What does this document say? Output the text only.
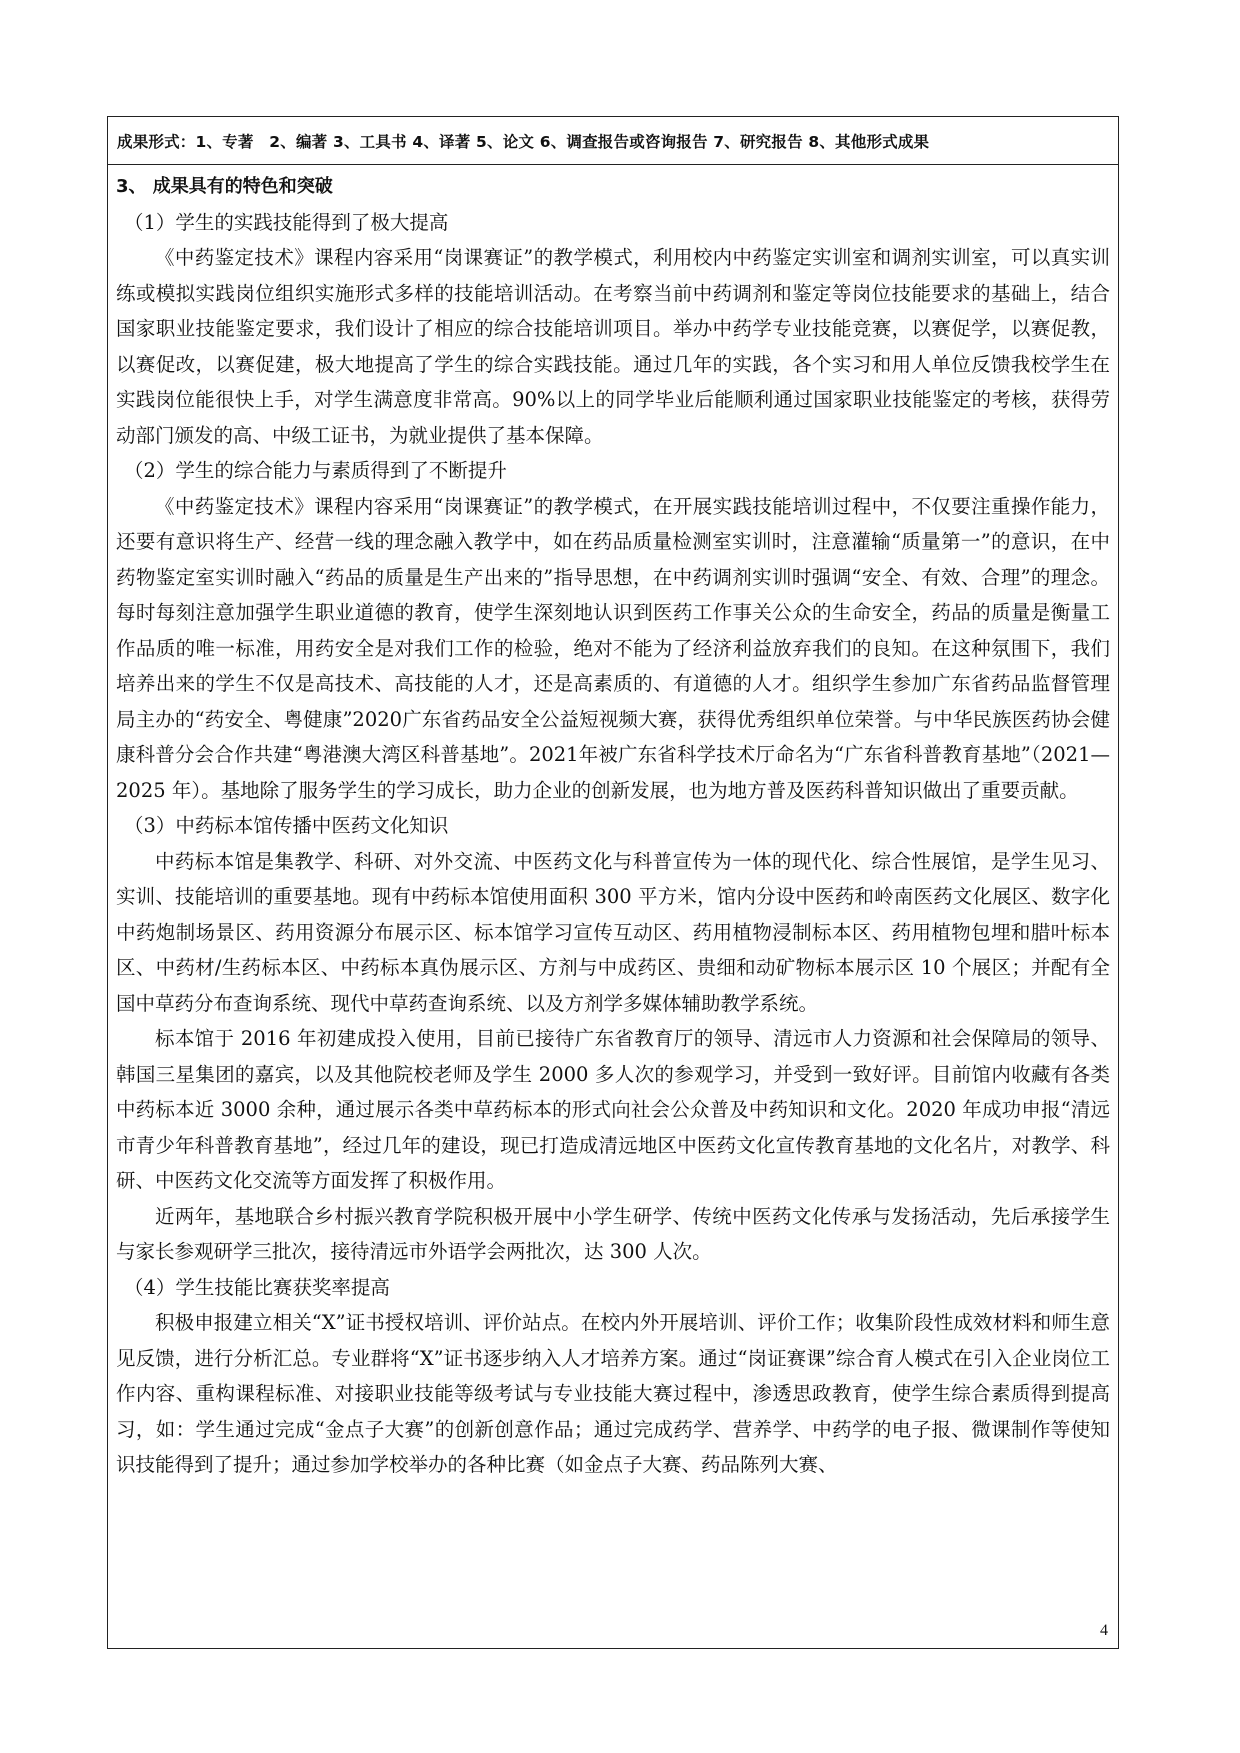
成果形式：1、专著　2、编著 3、工具书 4、译著 5、论文 6、调查报告或咨询报告 7、研究报告 8、其他形式成果

3、 成果具有的特色和突破

（1）学生的实践技能得到了极大提高

《中药鉴定技术》课程内容采用“岗课赛证”的教学模式，利用校内中药鉴定实训室和调剂实训室，可以真实训练或模拟实践岗位组织实施形式多样的技能培训活动。在考察当前中药调剂和鉴定等岗位技能要求的基础上，结合国家职业技能鉴定要求，我们设计了相应的综合技能培训项目。举办中药学专业技能竞赛，以赛促学，以赛促教，以赛促改，以赛促建，极大地提高了学生的综合实践技能。通过几年的实践，各个实习和用人单位反馈我校学生在实践岗位能很快上手，对学生满意度非常高。90%以上的同学毕业后能顺利通过国家职业技能鉴定的考核，获得劳动部门颁发的高、中级工证书，为就业提供了基本保障。

（2）学生的综合能力与素质得到了不断提升

《中药鉴定技术》课程内容采用“岗课赛证”的教学模式，在开展实践技能培训过程中，不仅要注重操作能力，还要有意识将生产、经营一线的理念融入教学中，如在药品质量检测室实训时，注意灌输“质量第一”的意识，在中药物鉴定室实训时融入“药品的质量是生产出来的”指导思想，在中药调剂实训时强调“安全、有效、合理”的理念。每时每刻注意加强学生职业道德的教育，使学生深刻地认识到医药工作事关公众的生命安全，药品的质量是衡量工作品质的唯一标准，用药安全是对我们工作的检验，绝对不能为了经济利益放弃我们的良知。在这种氛围下，我们培养出来的学生不仅是高技术、高技能的人才，还是高素质的、有道德的人才。组织学生参加广东省药品监督管理局主办的“药安全、粤健康”2020广东省药品安全公益短视频大赛，获得优秀组织单位荣誉。与中华民族医药协会健康科普分会合作共建“粤港澳大湾区科普基地”。2021年被广东省科学技术厅命名为“广东省科普教育基地”（2021—2025 年）。基地除了服务学生的学习成长，助力企业的创新发展，也为地方普及医药科普知识做出了重要贡献。

（3）中药标本馆传播中医药文化知识

中药标本馆是集教学、科研、对外交流、中医药文化与科普宣传为一体的现代化、综合性展馆，是学生见习、实训、技能培训的重要基地。现有中药标本馆使用面积 300 平方米，馆内分设中医药和岭南医药文化展区、数字化中药炮制场景区、药用资源分布展示区、标本馆学习宣传互动区、药用植物浸制标本区、药用植物包埋和腊叶标本区、中药材/生药标本区、中药标本真伪展示区、方剂与中成药区、贵细和动矿物标本展示区 10 个展区；并配有全国中草药分布查询系统、现代中草药查询系统、以及方剂学多媒体辅助教学系统。

标本馆于 2016 年初建成投入使用，目前已接待广东省教育厅的领导、清远市人力资源和社会保障局的领导、韩国三星集团的嘉宾，以及其他院校老师及学生 2000 多人次的参观学习，并受到一致好评。目前馆内收藏有各类中药标本近 3000 余种，通过展示各类中草药标本的形式向社会公众普及中药知识和文化。2020 年成功申报“清远市青少年科普教育基地”，经过几年的建设，现已打造成清远地区中医药文化宣传教育基地的文化名片，对教学、科研、中医药文化交流等方面发挥了积极作用。

近两年，基地联合乡村振兴教育学院积极开展中小学生研学、传统中医药文化传承与发扬活动，先后承接学生与家长参观研学三批次，接待清远市外语学会两批次，达 300 人次。

（4）学生技能比赛获奖率提高

积极申报建立相关“X”证书授权培训、评价站点。在校内外开展培训、评价工作；收集阶段性成效材料和师生意见反馈，进行分析汇总。专业群将“X”证书逐步纳入人才培养方案。通过“岗证赛课”综合育人模式在引入企业岗位工作内容、重构课程标准、对接职业技能等级考试与专业技能大赛过程中，渗透思政教育，使学生综合素质得到提高习，如：学生通过完成“金点子大赛”的创新创意作品；通过完成药学、营养学、中药学的电子报、微课制作等使知识技能得到了提升；通过参加学校举办的各种比赛（如金点子大赛、药品陈列大赛、

4
